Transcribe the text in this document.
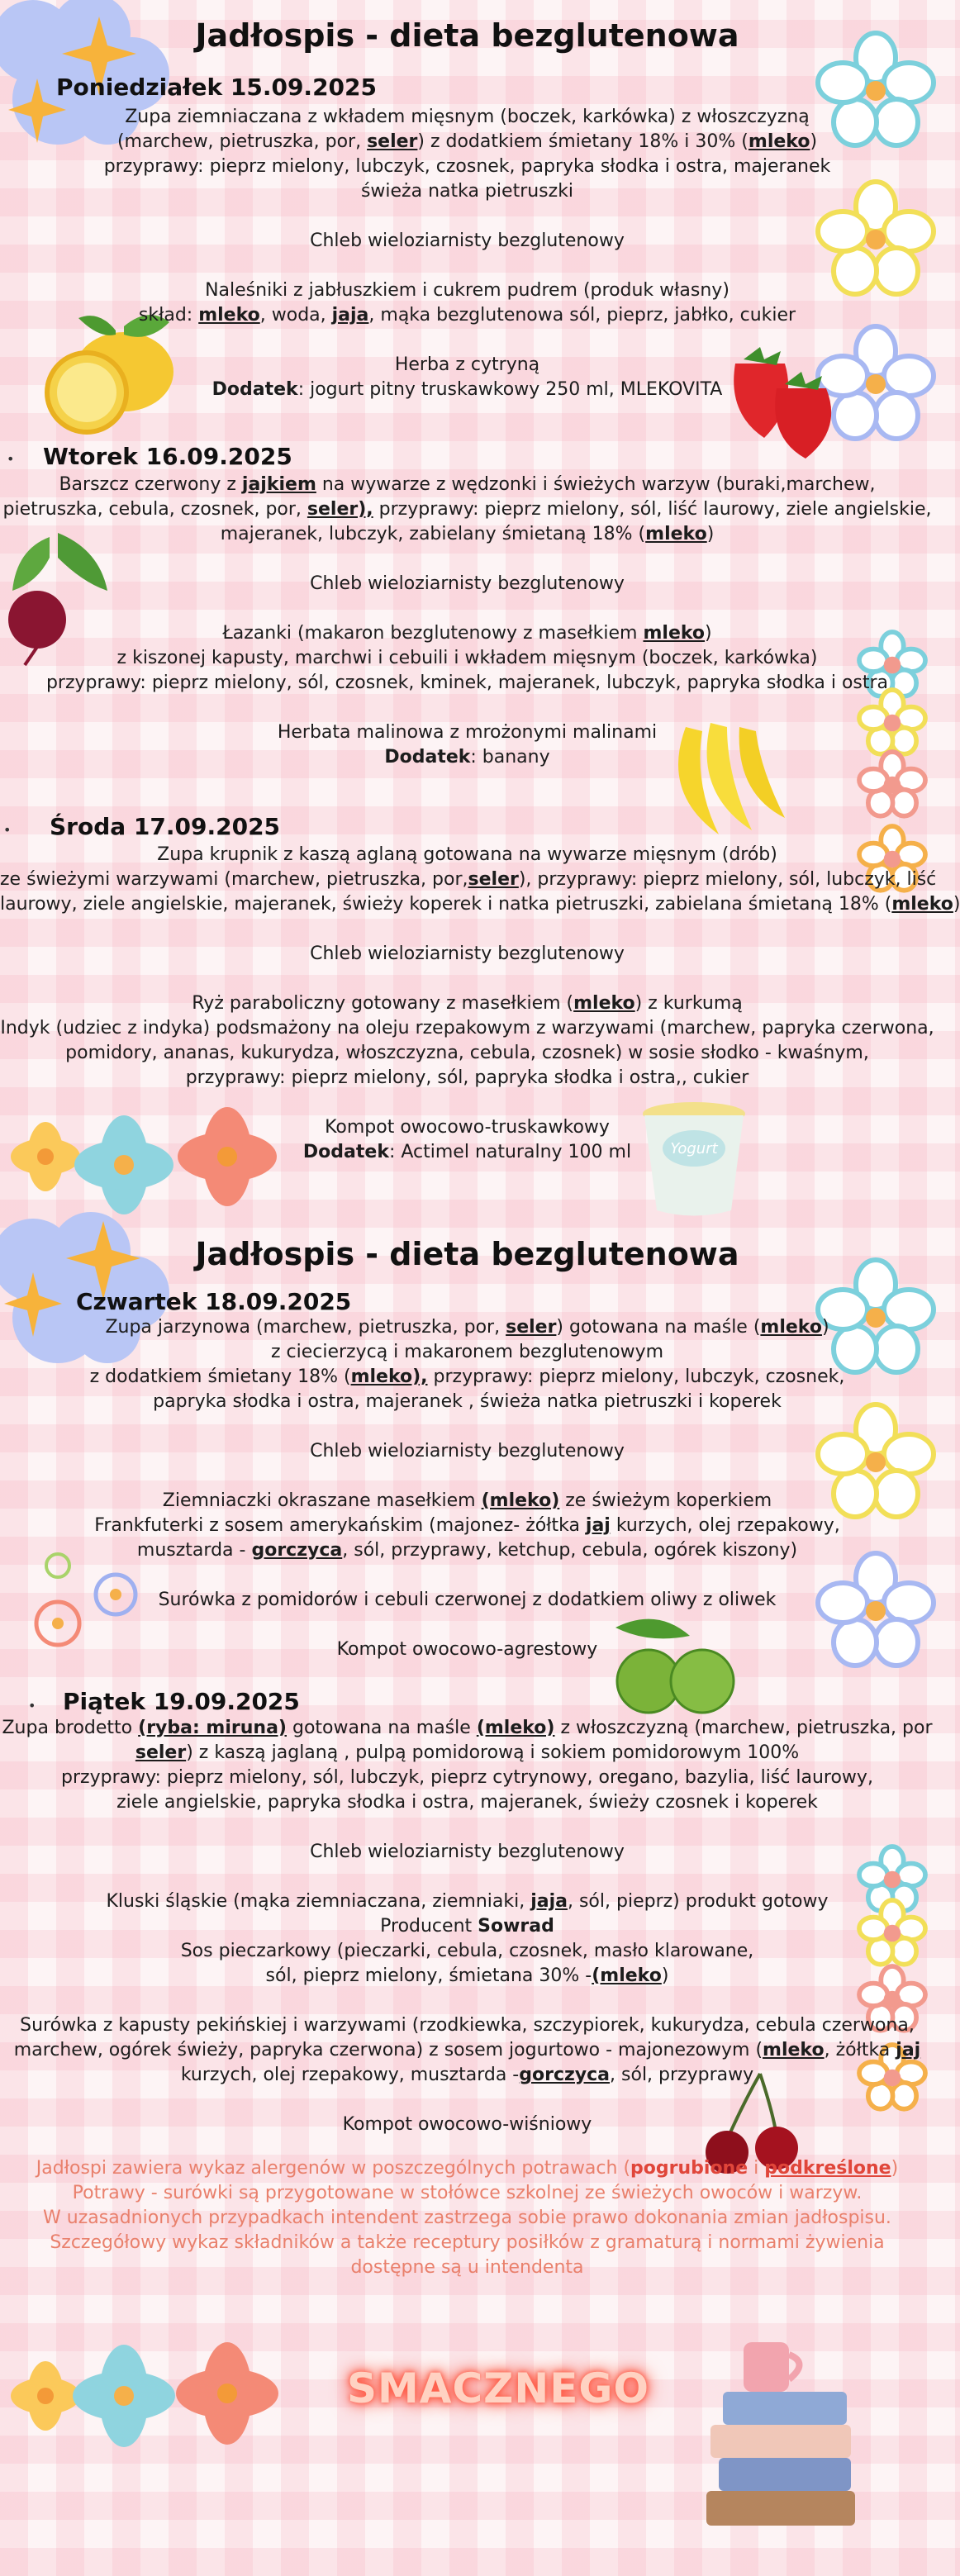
Yogurt
Jadłospis - dieta bezglutenowa
Poniedziałek 15.09.2025
Zupa ziemniaczana z wkładem mięsnym (boczek, karkówka) z włoszczyzną
(marchew, pietruszka, por, seler) z dodatkiem śmietany 18% i 30% (mleko)
przyprawy: pieprz mielony, lubczyk, czosnek, papryka słodka i ostra, majeranek
świeża natka pietruszki

Chleb wieloziarnisty bezglutenowy

Naleśniki z jabłuszkiem i cukrem pudrem (produk własny)
skład: mleko, woda, jaja, mąka bezglutenowa sól, pieprz, jabłko, cukier

Herba z cytryną
Dodatek: jogurt pitny truskawkowy 250 ml, MLEKOVITA
• Wtorek 16.09.2025
Barszcz czerwony z jajkiem na wywarze z wędzonki i świeżych warzyw (buraki,marchew,
pietruszka, cebula, czosnek, por, seler), przyprawy: pieprz mielony, sól, liść laurowy, ziele angielskie,
majeranek, lubczyk, zabielany śmietaną 18% (mleko)

Chleb wieloziarnisty bezglutenowy

Łazanki (makaron bezglutenowy z masełkiem mleko)
z kiszonej kapusty, marchwi i cebuili i wkładem mięsnym (boczek, karkówka)
przyprawy: pieprz mielony, sól, czosnek, kminek, majeranek, lubczyk, papryka słodka i ostra

Herbata malinowa z mrożonymi malinami
Dodatek: banany
• Środa 17.09.2025
Zupa krupnik z kaszą aglaną gotowana na wywarze mięsnym (drób)
ze świeżymi warzywami (marchew, pietruszka, por,seler), przyprawy: pieprz mielony, sól, lubczyk, liść
laurowy, ziele angielskie, majeranek, świeży koperek i natka pietruszki, zabielana śmietaną 18% (mleko)

Chleb wieloziarnisty bezglutenowy

Ryż paraboliczny gotowany z masełkiem (mleko) z kurkumą
Indyk (udziec z indyka) podsmażony na oleju rzepakowym z warzywami (marchew, papryka czerwona,
pomidory, ananas, kukurydza, włoszczyzna, cebula, czosnek) w sosie słodko - kwaśnym,
przyprawy: pieprz mielony, sól, papryka słodka i ostra,, cukier

Kompot owocowo-truskawkowy
Dodatek: Actimel naturalny 100 ml
Jadłospis - dieta bezglutenowa
Czwartek 18.09.2025
Zupa jarzynowa (marchew, pietruszka, por, seler) gotowana na maśle (mleko)
z ciecierzycą i makaronem bezglutenowym
z dodatkiem śmietany 18% (mleko), przyprawy: pieprz mielony, lubczyk, czosnek,
papryka słodka i ostra, majeranek , świeża natka pietruszki i koperek

Chleb wieloziarnisty bezglutenowy

Ziemniaczki okraszane masełkiem (mleko) ze świeżym koperkiem
Frankfuterki z sosem amerykańskim (majonez- żółtka jaj kurzych, olej rzepakowy,
musztarda - gorczyca, sól, przyprawy, ketchup, cebula, ogórek kiszony)

Surówka z pomidorów i cebuli czerwonej z dodatkiem oliwy z oliwek

Kompot owocowo-agrestowy
• Piątek 19.09.2025
Zupa brodetto (ryba: miruna) gotowana na maśle (mleko) z włoszczyzną (marchew, pietruszka, por
seler) z kaszą jaglaną , pulpą pomidorową i sokiem pomidorowym 100%
przyprawy: pieprz mielony, sól, lubczyk, pieprz cytrynowy, oregano, bazylia, liść laurowy,
ziele angielskie, papryka słodka i ostra, majeranek, świeży czosnek i koperek

Chleb wieloziarnisty bezglutenowy

Kluski śląskie (mąka ziemniaczana, ziemniaki, jaja, sól, pieprz) produkt gotowy
Producent Sowrad
Sos pieczarkowy (pieczarki, cebula, czosnek, masło klarowane,
sól, pieprz mielony, śmietana 30% -(mleko)

Surówka z kapusty pekińskiej i warzywami (rzodkiewka, szczypiorek, kukurydza, cebula czerwona,
marchew, ogórek świeży, papryka czerwona) z sosem jogurtowo - majonezowym (mleko, żółtka jaj
kurzych, olej rzepakowy, musztarda -gorczyca, sól, przyprawy

Kompot owocowo-wiśniowy
Jadłospi zawiera wykaz alergenów w poszczególnych potrawach (pogrubione i podkreślone)
Potrawy - surówki są przygotowane w stołówce szkolnej ze świeżych owoców i warzyw.
W uzasadnionych przypadkach intendent zastrzega sobie prawo dokonania zmian jadłospisu.
Szczegółowy wykaz składników a także receptury posiłków z gramaturą i normami żywienia
dostępne są u intendenta
SMACZNEGO
